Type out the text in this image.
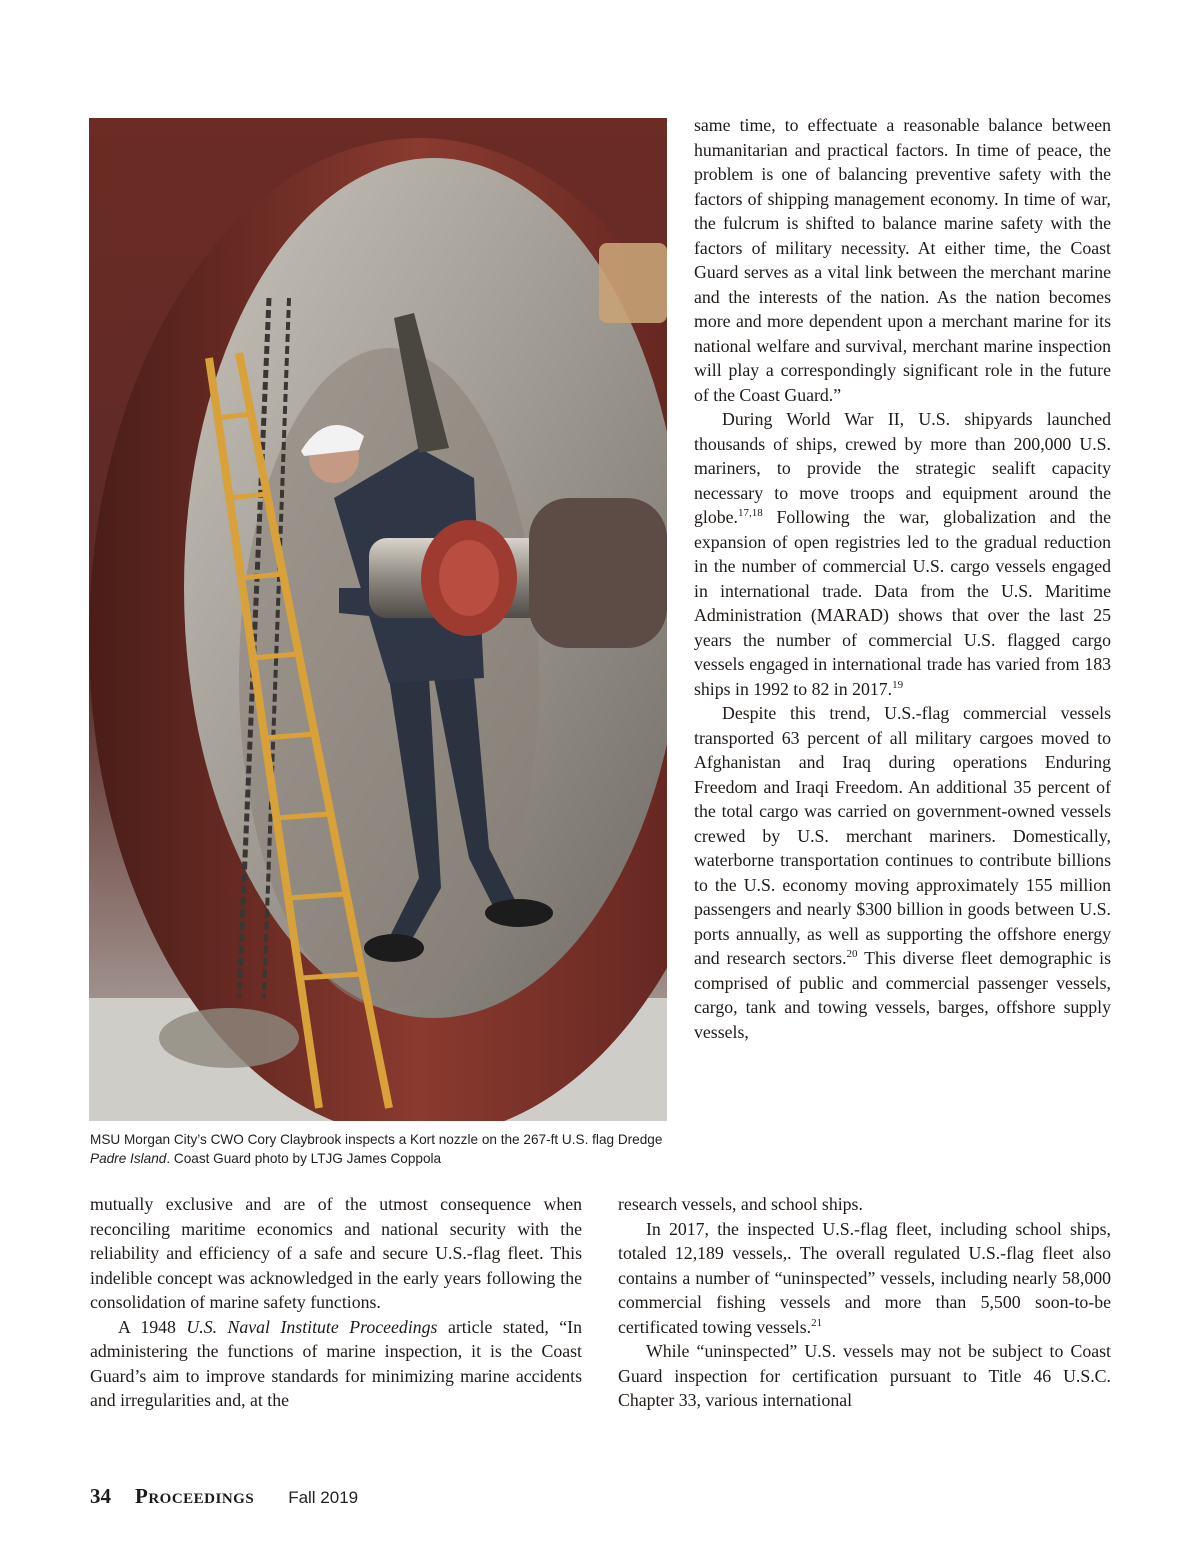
MSU Morgan City’s CWO Cory Claybrook inspects a Kort nozzle on the 267-ft U.S. flag Dredge Padre Island. Coast Guard photo by LTJG James Coppola

same time, to effectuate a reasonable balance between humanitarian and practical factors. In time of peace, the problem is one of balancing preventive safety with the factors of shipping management economy. In time of war, the fulcrum is shifted to balance marine safety with the factors of military necessity. At either time, the Coast Guard serves as a vital link between the merchant marine and the interests of the nation. As the nation becomes more and more dependent upon a merchant marine for its national welfare and survival, merchant marine inspection will play a correspondingly significant role in the future of the Coast Guard.”

During World War II, U.S. shipyards launched thousands of ships, crewed by more than 200,000 U.S. mariners, to provide the strategic sealift capacity necessary to move troops and equipment around the globe.$^{17,18}$ Following the war, globalization and the expansion of open registries led to the gradual reduction in the number of commercial U.S. cargo vessels engaged in international trade. Data from the U.S. Maritime Administration (MARAD) shows that over the last 25 years the number of commercial U.S. flagged cargo vessels engaged in international trade has varied from 183 ships in 1992 to 82 in 2017.19

Despite this trend, U.S.-flag commercial vessels transported 63 percent of all military cargoes moved to Afghanistan and Iraq during operations Enduring Freedom and Iraqi Freedom. An additional 35 percent of the total cargo was carried on government-owned vessels crewed by U.S. merchant mariners. Domestically, waterborne transportation continues to contribute billions to the U.S. economy moving approximately 155 million passengers and nearly $300 billion in goods between U.S. ports annually, as well as supporting the offshore energy and research sectors.$^{20}$ This diverse fleet demographic is comprised of public and commercial passenger vessels, cargo, tank and towing vessels, barges, offshore supply vessels,

research vessels, and school ships.

In 2017, the inspected U.S.-flag fleet, including school ships, totaled 12,189 vessels,. The overall regulated U.S.-flag fleet also contains a number of “uninspected” vessels, including nearly 58,000 commercial fishing vessels and more than 5,500 soon-to-be certificated towing vessels.$^{21}$

While “uninspected” U.S. vessels may not be subject to Coast Guard inspection for certification pursuant to Title 46 U.S.C. Chapter 33, various international

mutually exclusive and are of the utmost consequence when reconciling maritime economics and national security with the reliability and efficiency of a safe and secure U.S.-flag fleet. This indelible concept was acknowledged in the early years following the consolidation of marine safety functions.

A 1948 U.S. Naval Institute Proceedings article stated, “In administering the functions of marine inspection, it is the Coast Guard’s aim to improve standards for minimizing marine accidents and irregularities and, at the

34 Proceedings Fall 2019
